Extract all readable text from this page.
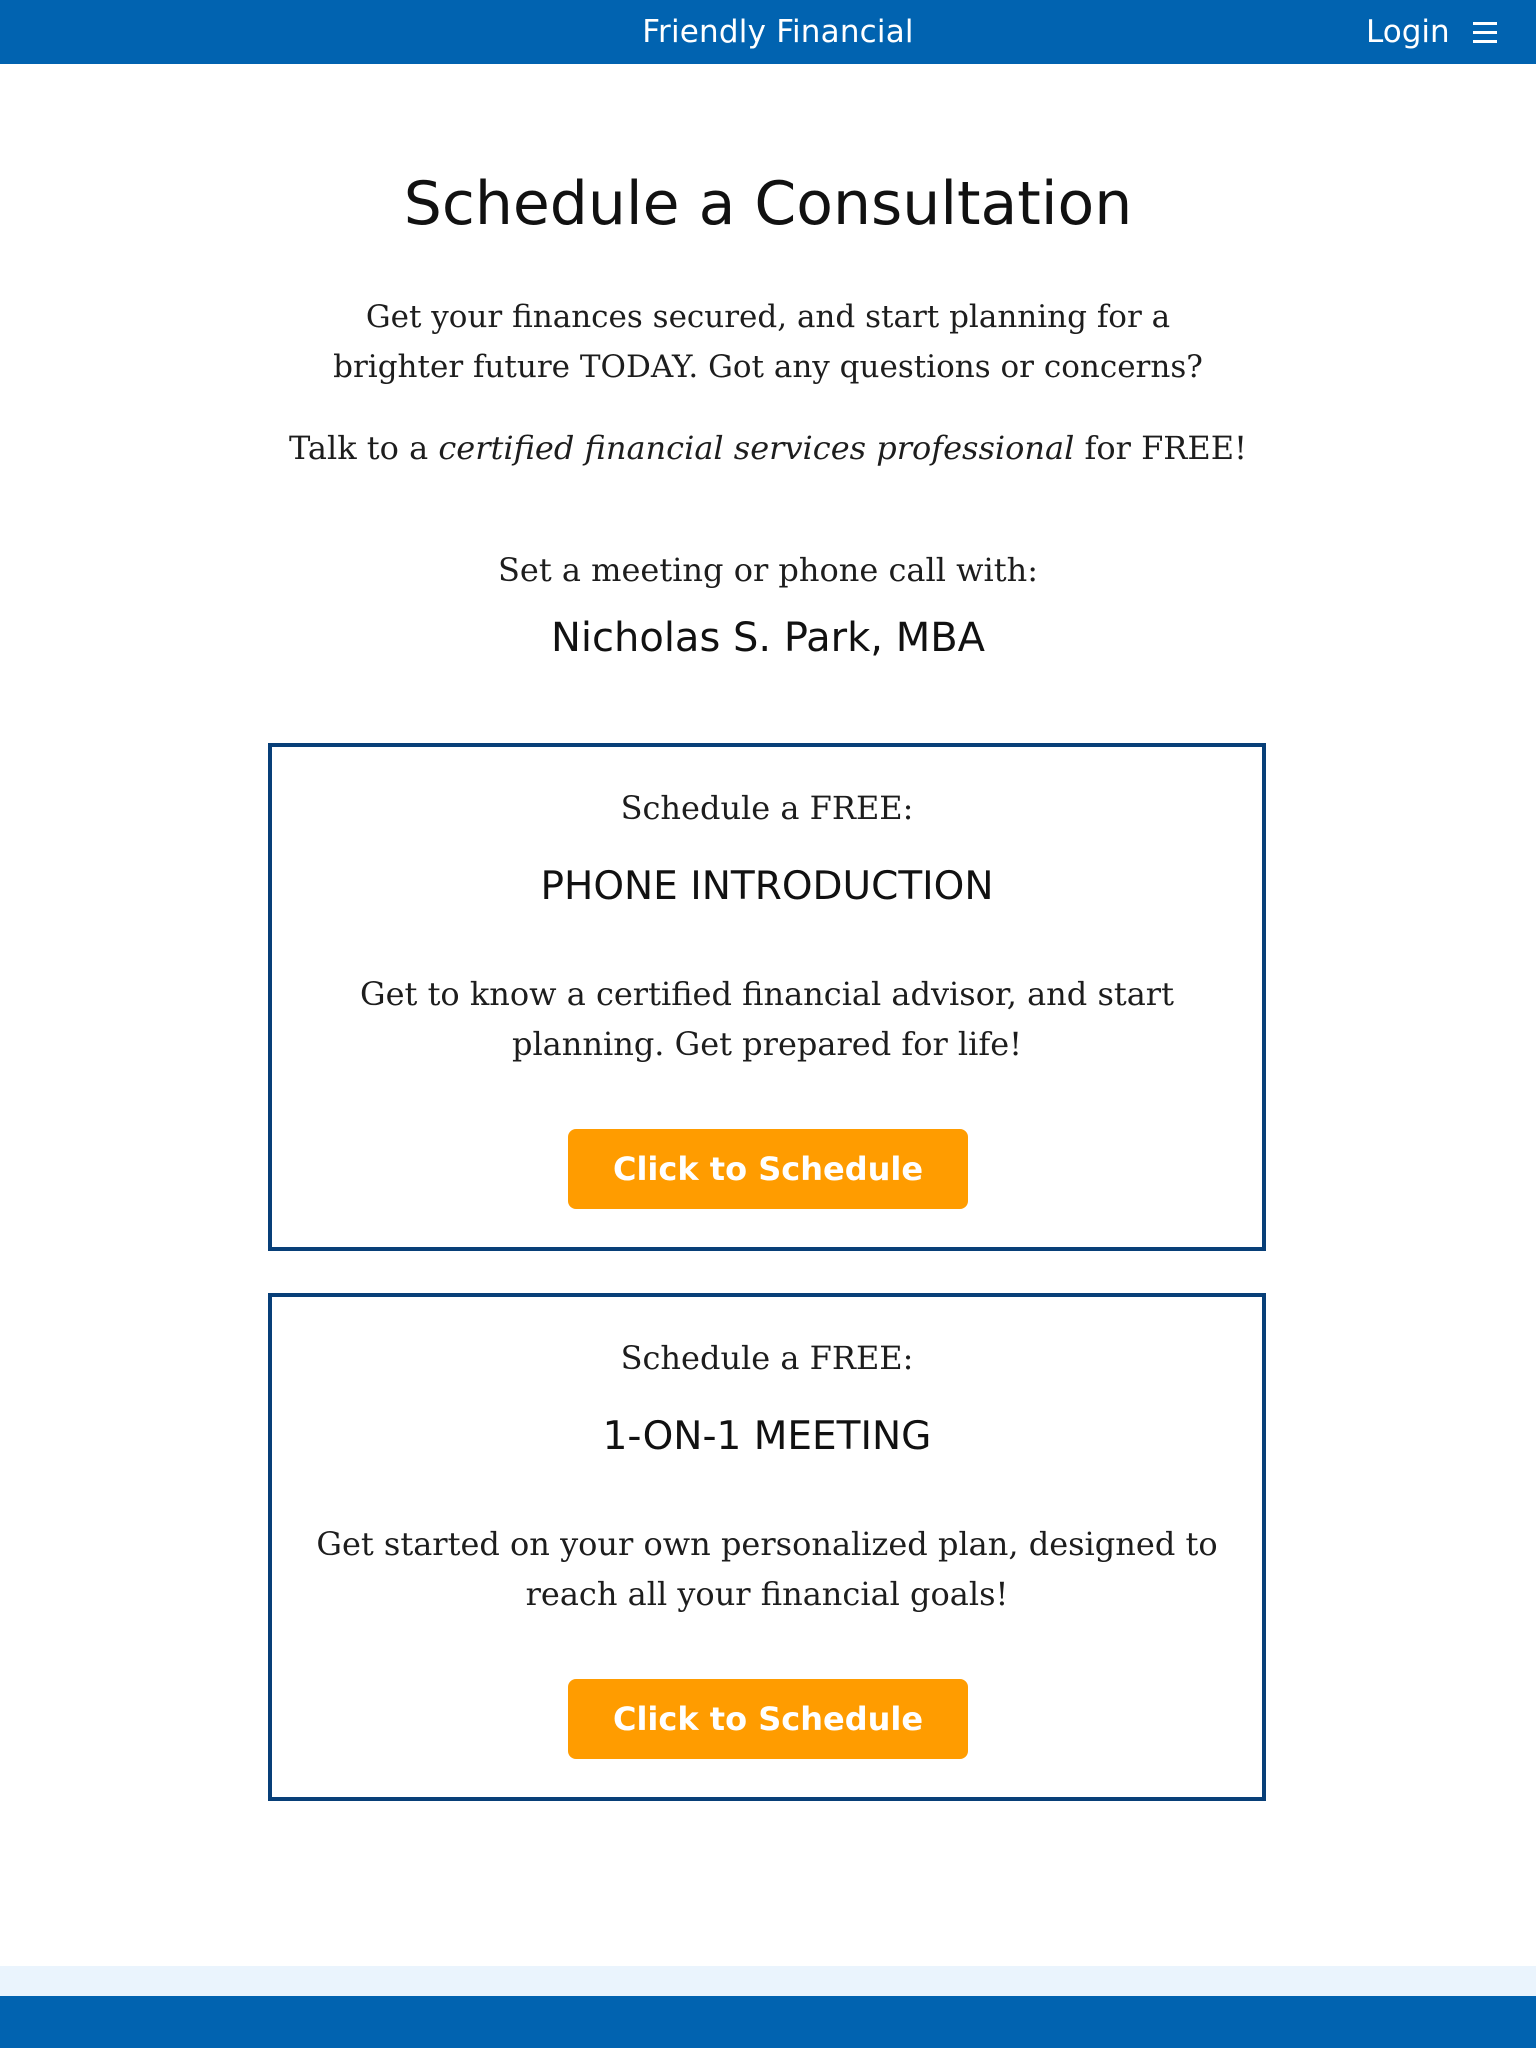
Friendly Financial	Login
Schedule a Consultation

Get your finances secured, and start planning for a brighter future TODAY. Got any questions or concerns?

Talk to a certified financial services professional for FREE!

Set a meeting or phone call with:

Nicholas S. Park, MBA

Schedule a FREE:

PHONE INTRODUCTION

Get to know a certified financial advisor, and start planning. Get prepared for life!

Click to Schedule

Schedule a FREE:

1-ON-1 MEETING

Get started on your own personalized plan, designed to reach all your financial goals!

Click to Schedule
